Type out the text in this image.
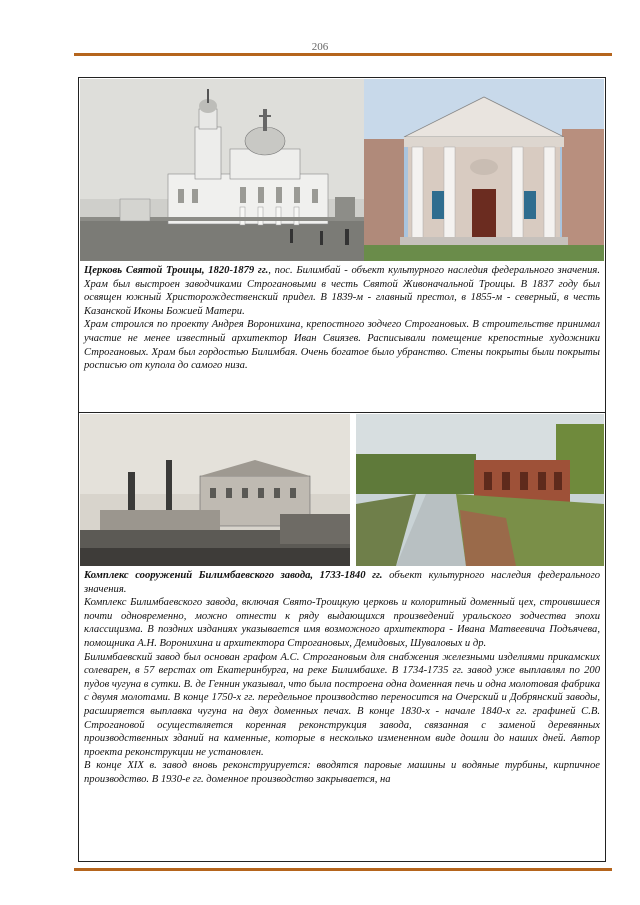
206

Церковь Святой Троицы, 1820-1879 гг., пос. Билимбай - объект культурного наследия федерального значения. Храм был выстроен заводчиками Строгановыми в честь Святой Живоначальной Троицы. В 1837 году был освящен южный Христорождественский придел. В 1839-м - главный престол, в 1855-м - северный, в честь Казанской Иконы Божией Матери.

Храм строился по проекту Андрея Воронихина, крепостного зодчего Строгановых. В строительстве принимал участие не менее известный архитектор Иван Свиязев. Расписывали помещение крепостные художники Строгановых. Храм был гордостью Билимбая. Очень богатое было убранство. Стены покрыты были покрыты росписью от купола до самого низа.

Комплекс сооружений Билимбаевского завода, 1733-1840 гг. объект культурного наследия федерального значения.

Комплекс Билимбаевского завода, включая Свято-Троицкую церковь и колоритный доменный цех, строившиеся почти одновременно, можно отнести к ряду выдающихся произведений уральского зодчества эпохи классицизма. В поздних изданиях указывается имя возможного архитектора - Ивана Матвеевича Подъячева, помощника А.Н. Воронихина и архитектора Строгановых, Демидовых, Шуваловых и др.

Билимбаевский завод был основан графом А.С. Строгановым для снабжения железными изделиями прикамских солеварен, в 57 верстах от Екатеринбурга, на реке Билимбаихе. В 1734-1735 гг. завод уже выплавлял по 200 пудов чугуна в сутки. В. де Геннин указывал, что была построена одна доменная печь и одна молотовая фабрика с двумя молотами. В конце 1750-х гг. передельное производство переносится на Очерский и Добрянский заводы, расширяется выплавка чугуна на двух доменных печах. В конце 1830-х - начале 1840-х гг. графиней С.В. Строгановой осуществляется коренная реконструкция завода, связанная с заменой деревянных производственных зданий на каменные, которые в несколько измененном виде дошли до наших дней. Автор проекта реконструкции не установлен.

В конце XIX в. завод вновь реконструируется: вводятся паровые машины и водяные турбины, кирпичное производство. В 1930-е гг. доменное производство закрывается, на
